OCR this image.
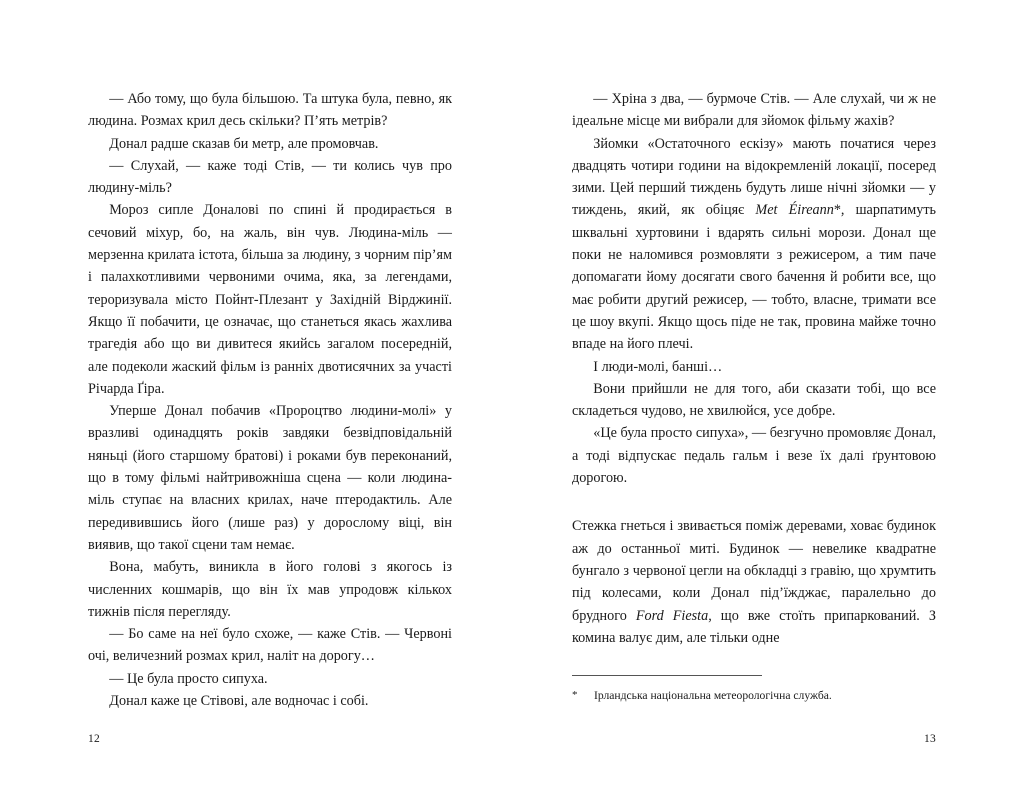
— Або тому, що була більшою. Та штука була, певно, як людина. Розмах крил десь скільки? П’ять метрів?

Донал радше сказав би метр, але промовчав.

— Слухай, — каже тоді Стів, — ти колись чув про людину-міль?

Мороз сипле Доналові по спині й продирається в сечовий міхур, бо, на жаль, він чув. Людина-міль — мерзенна крилата істота, більша за людину, з чорним пір’ям і палахкотливими червоними очима, яка, за легендами, тероризувала місто Пойнт-Плезант у Західній Вірджинії. Якщо її побачити, це означає, що станеться якась жахлива трагедія або що ви дивитеся якийсь загалом посередній, але подеколи жаский фільм із ранніх двотисячних за участі Річарда Ґіра.

Уперше Донал побачив «Пророцтво людини-молі» у вразливі одинадцять років завдяки безвідповідальній няньці (його старшому братові) і роками був переконаний, що в тому фільмі найтривожніша сцена — коли людина-міль ступає на власних крилах, наче птеродактиль. Але передивившись його (лише раз) у дорослому віці, він виявив, що такої сцени там немає.

Вона, мабуть, виникла в його голові з якогось із численних кошмарів, що він їх мав упродовж кількох тижнів після перегляду.

— Бо саме на неї було схоже, — каже Стів. — Червоні очі, величезний розмах крил, наліт на дорогу…

— Це була просто сипуха.

Донал каже це Стівові, але водночас і собі.

12

— Хріна з два, — бурмоче Стів. — Але слухай, чи ж не ідеальне місце ми вибрали для зйомок фільму жахів?

Зйомки «Остаточного ескізу» мають початися через двадцять чотири години на відокремленій локації, посеред зими. Цей перший тиждень будуть лише нічні зйомки — у тиждень, який, як обіцяє Met Éireann*, шарпатимуть шквальні хуртовини і вдарять сильні морози. Донал ще поки не наломився розмовляти з режисером, а тим паче допомагати йому досягати свого бачення й робити все, що має робити другий режисер, — тобто, власне, тримати все це шоу вкупі. Якщо щось піде не так, провина майже точно впаде на його плечі.

І люди-молі, банші…

Вони прийшли не для того, аби сказати тобі, що все складеться чудово, не хвилюйся, усе добре.

«Це була просто сипуха», — безгучно промовляє Донал, а тоді відпускає педаль гальм і везе їх далі ґрунтовою дорогою.

Стежка гнеться і звивається поміж деревами, ховає будинок аж до останньої миті. Будинок — невелике квадратне бунгало з червоної цегли на обкладці з гравію, що хрумтить під колесами, коли Донал під’їжджає, паралельно до брудного Ford Fiesta, що вже стоїть припаркований. З комина валує дим, але тільки одне

*	Ірландська національна метеорологічна служба.
13
